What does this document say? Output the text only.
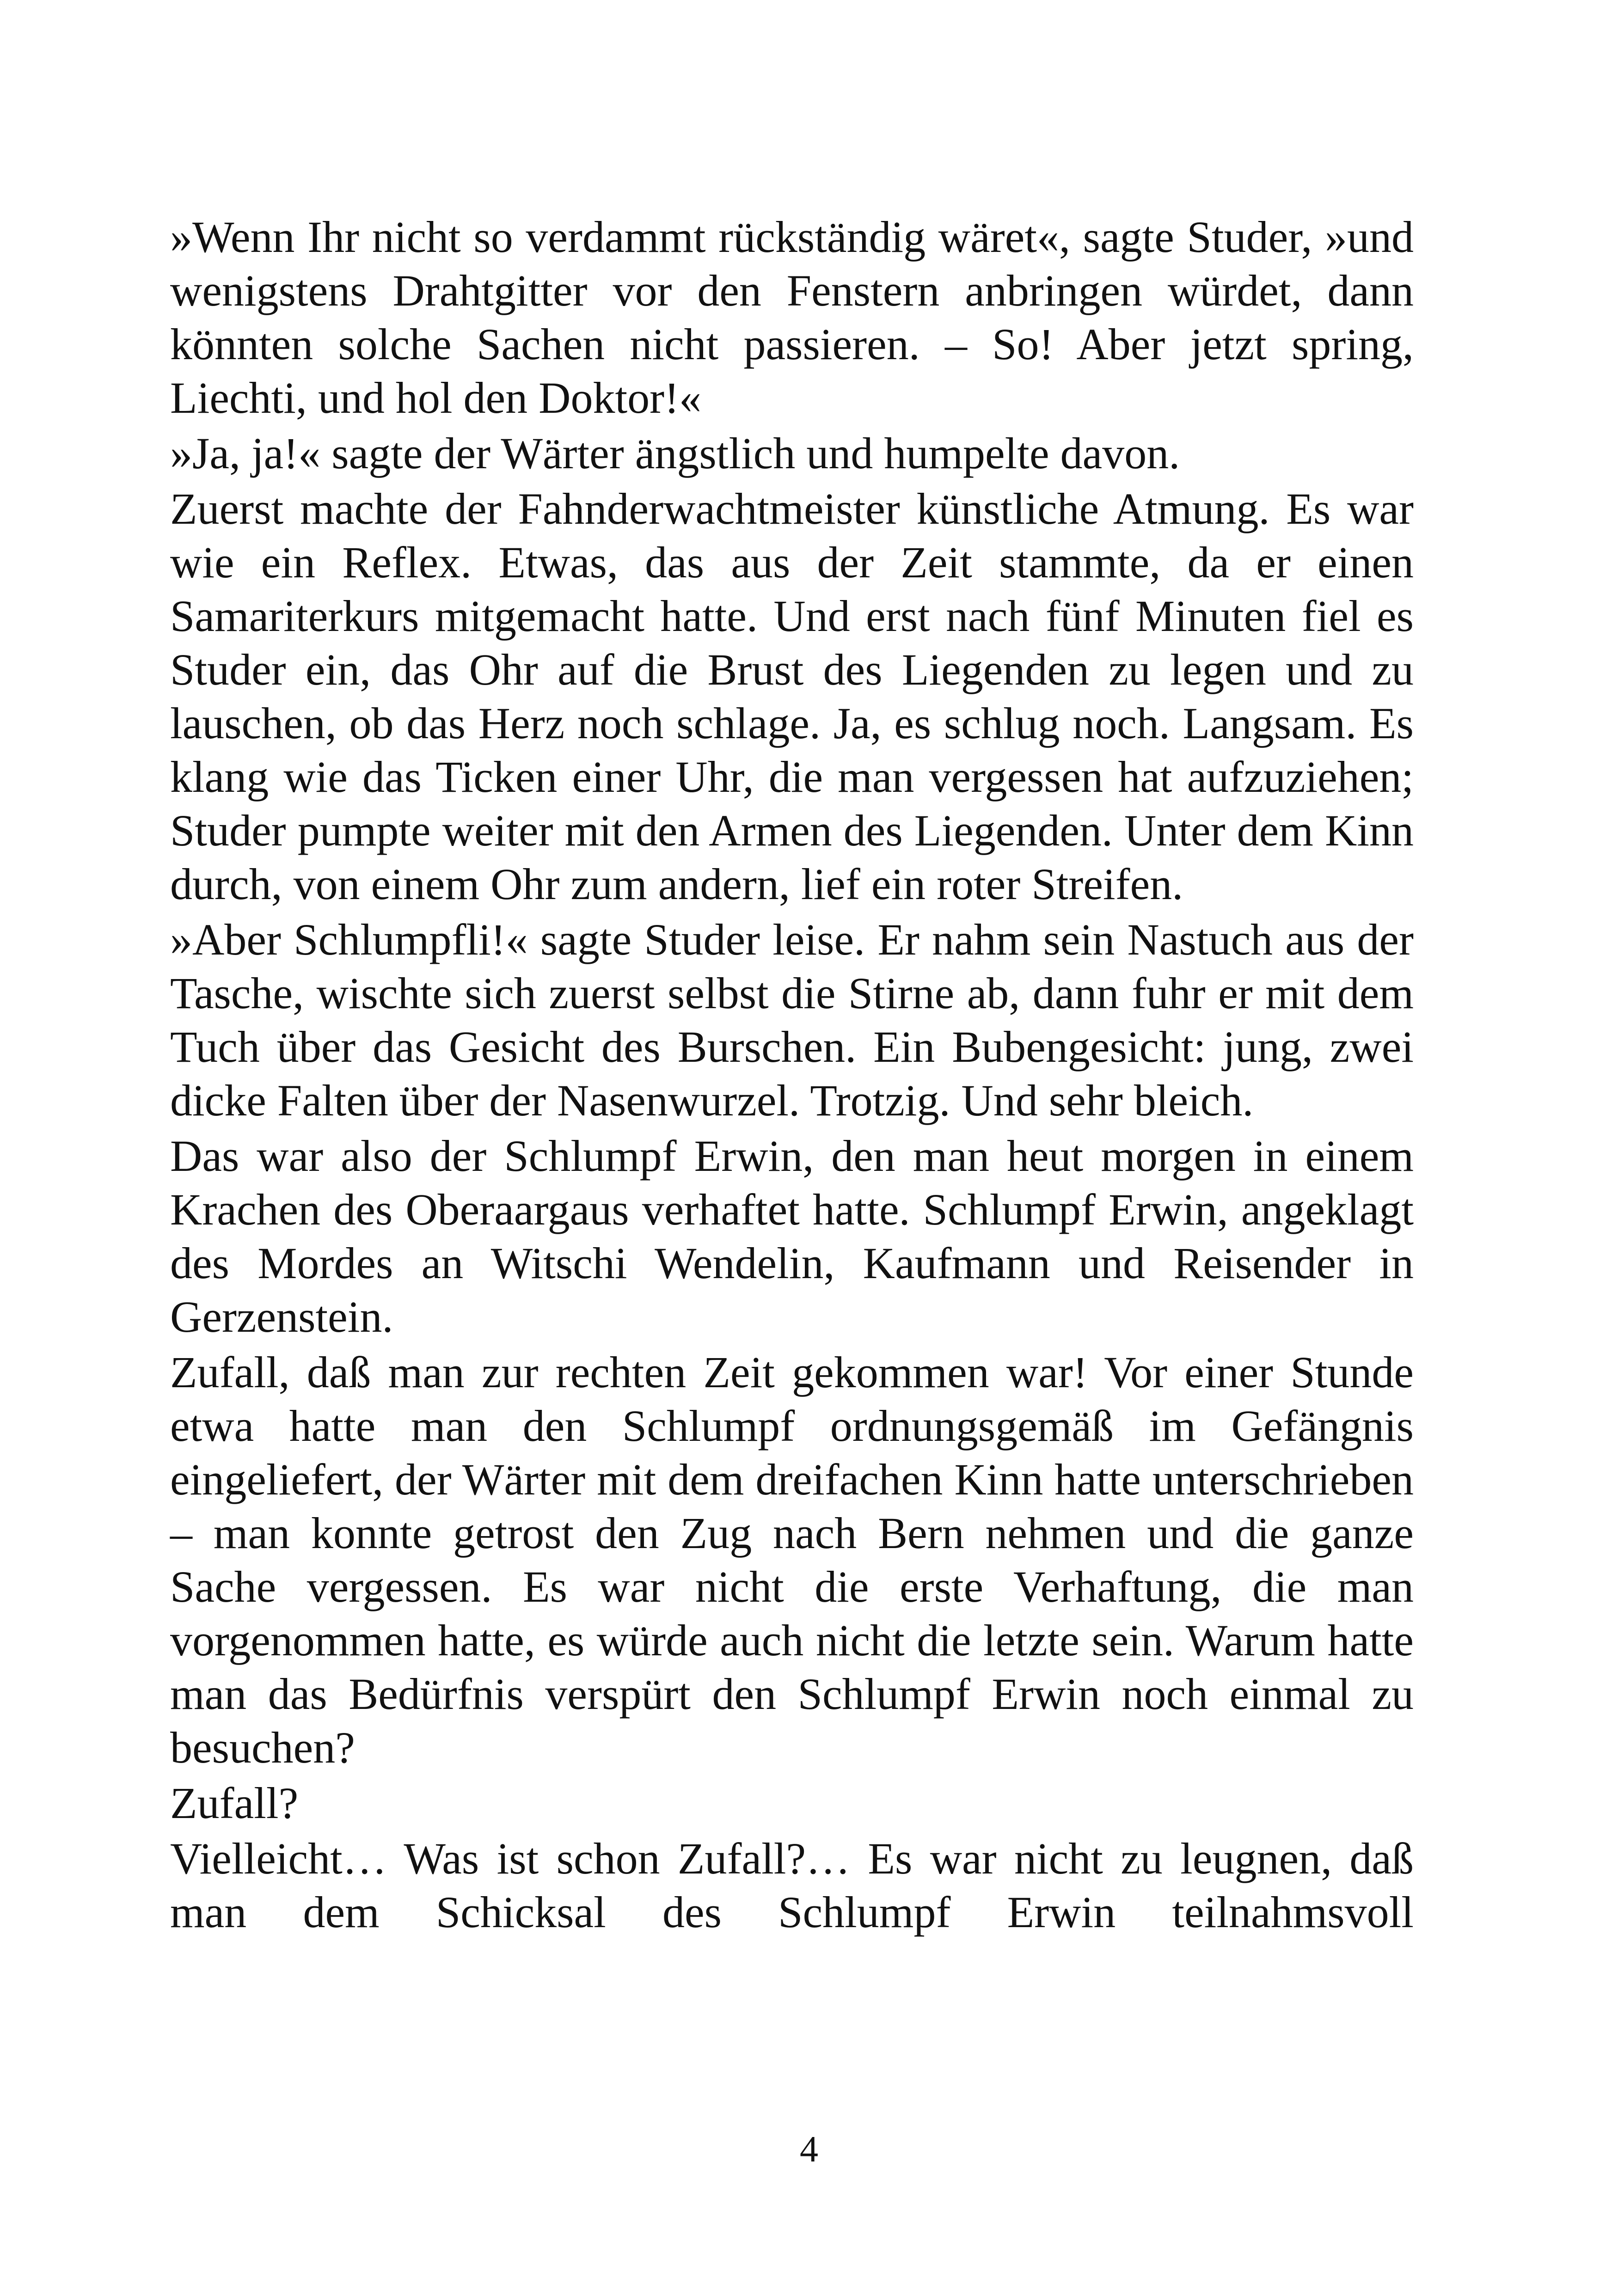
»Wenn Ihr nicht so verdammt rückständig wäret«, sagte Studer, »und wenigstens Drahtgitter vor den Fenstern anbringen würdet, dann könnten solche Sachen nicht passieren. – So! Aber jetzt spring, Liechti, und hol den Doktor!«

»Ja, ja!« sagte der Wärter ängstlich und humpelte davon.

Zuerst machte der Fahnderwachtmeister künstliche Atmung. Es war wie ein Reflex. Etwas, das aus der Zeit stammte, da er einen Samariterkurs mitgemacht hatte. Und erst nach fünf Minuten fiel es Studer ein, das Ohr auf die Brust des Liegenden zu legen und zu lauschen, ob das Herz noch schlage. Ja, es schlug noch. Langsam. Es klang wie das Ticken einer Uhr, die man vergessen hat aufzuziehen; Studer pumpte weiter mit den Armen des Liegenden. Unter dem Kinn durch, von einem Ohr zum andern, lief ein roter Streifen.

»Aber Schlumpfli!« sagte Studer leise. Er nahm sein Nastuch aus der Tasche, wischte sich zuerst selbst die Stirne ab, dann fuhr er mit dem Tuch über das Gesicht des Burschen. Ein Bubengesicht: jung, zwei dicke Falten über der Nasenwurzel. Trotzig. Und sehr bleich.

Das war also der Schlumpf Erwin, den man heut morgen in einem Krachen des Oberaargaus verhaftet hatte. Schlumpf Erwin, angeklagt des Mordes an Witschi Wendelin, Kaufmann und Reisender in Gerzenstein.

Zufall, daß man zur rechten Zeit gekommen war! Vor einer Stunde etwa hatte man den Schlumpf ordnungsgemäß im Gefängnis eingeliefert, der Wärter mit dem dreifachen Kinn hatte unterschrieben – man konnte getrost den Zug nach Bern nehmen und die ganze Sache vergessen. Es war nicht die erste Verhaftung, die man vorgenommen hatte, es würde auch nicht die letzte sein. Warum hatte man das Bedürfnis verspürt den Schlumpf Erwin noch einmal zu besuchen?

Zufall?

Vielleicht… Was ist schon Zufall?… Es war nicht zu leugnen, daß man dem Schicksal des Schlumpf Erwin teilnahmsvoll

4
